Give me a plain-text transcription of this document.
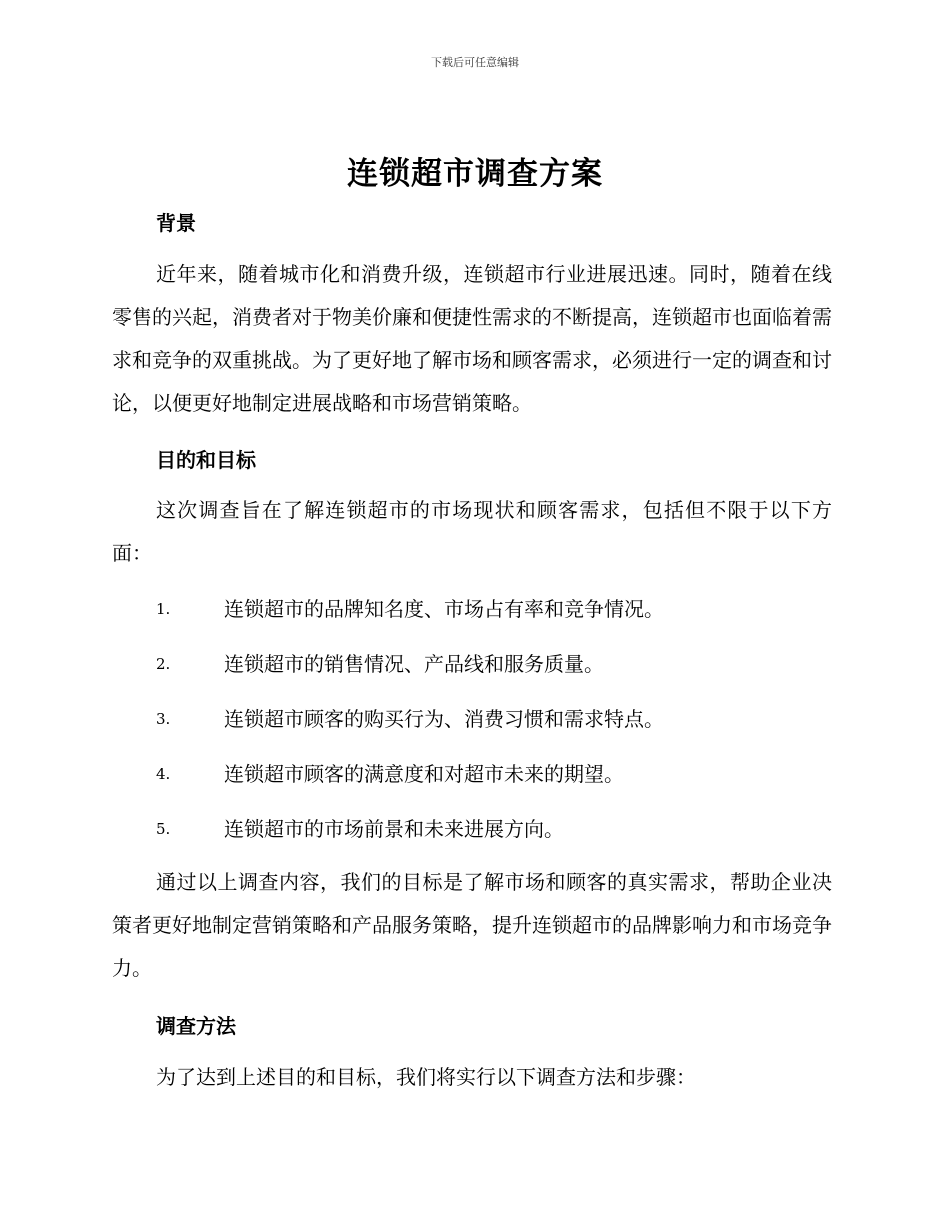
下载后可任意编辑
连锁超市调查方案
背景
近年来，随着城市化和消费升级，连锁超市行业进展迅速。同时，随着在线零售的兴起，消费者对于物美价廉和便捷性需求的不断提高，连锁超市也面临着需求和竞争的双重挑战。为了更好地了解市场和顾客需求，必须进行一定的调查和讨论，以便更好地制定进展战略和市场营销策略。
目的和目标
这次调查旨在了解连锁超市的市场现状和顾客需求，包括但不限于以下方面：
1.	连锁超市的品牌知名度、市场占有率和竞争情况。
2.	连锁超市的销售情况、产品线和服务质量。
3.	连锁超市顾客的购买行为、消费习惯和需求特点。
4.	连锁超市顾客的满意度和对超市未来的期望。
5.	连锁超市的市场前景和未来进展方向。
通过以上调查内容，我们的目标是了解市场和顾客的真实需求，帮助企业决策者更好地制定营销策略和产品服务策略，提升连锁超市的品牌影响力和市场竞争力。
调查方法
为了达到上述目的和目标，我们将实行以下调查方法和步骤：
